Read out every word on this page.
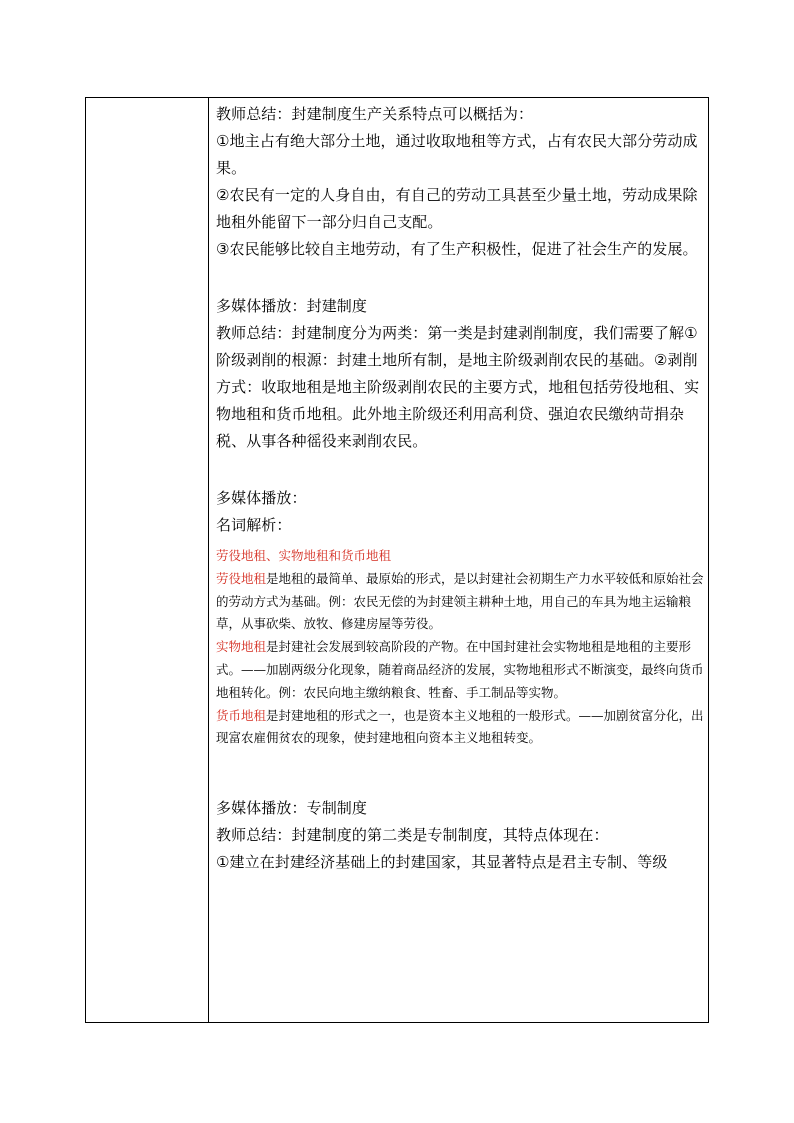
教师总结：封建制度生产关系特点可以概括为：

①地主占有绝大部分土地，通过收取地租等方式，占有农民大部分劳动成果。

②农民有一定的人身自由，有自己的劳动工具甚至少量土地，劳动成果除地租外能留下一部分归自己支配。

③农民能够比较自主地劳动，有了生产积极性，促进了社会生产的发展。

多媒体播放：封建制度

教师总结：封建制度分为两类：第一类是封建剥削制度，我们需要了解①阶级剥削的根源：封建土地所有制，是地主阶级剥削农民的基础。②剥削方式：收取地租是地主阶级剥削农民的主要方式，地租包括劳役地租、实物地租和货币地租。此外地主阶级还利用高利贷、强迫农民缴纳苛捐杂税、从事各种徭役来剥削农民。

多媒体播放：

名词解析：

劳役地租、实物地租和货币地租

劳役地租是地租的最简单、最原始的形式，是以封建社会初期生产力水平较低和原始社会的劳动方式为基础。例：农民无偿的为封建领主耕种土地，用自己的车具为地主运输粮草，从事砍柴、放牧、修建房屋等劳役。

实物地租是封建社会发展到较高阶段的产物。在中国封建社会实物地租是地租的主要形式。——加剧两级分化现象，随着商品经济的发展，实物地租形式不断演变，最终向货币地租转化。例：农民向地主缴纳粮食、牲畜、手工制品等实物。

货币地租是封建地租的形式之一，也是资本主义地租的一般形式。——加剧贫富分化，出现富农雇佣贫农的现象，使封建地租向资本主义地租转变。

多媒体播放：专制制度

教师总结：封建制度的第二类是专制制度，其特点体现在：

①建立在封建经济基础上的封建国家，其显著特点是君主专制、等级
